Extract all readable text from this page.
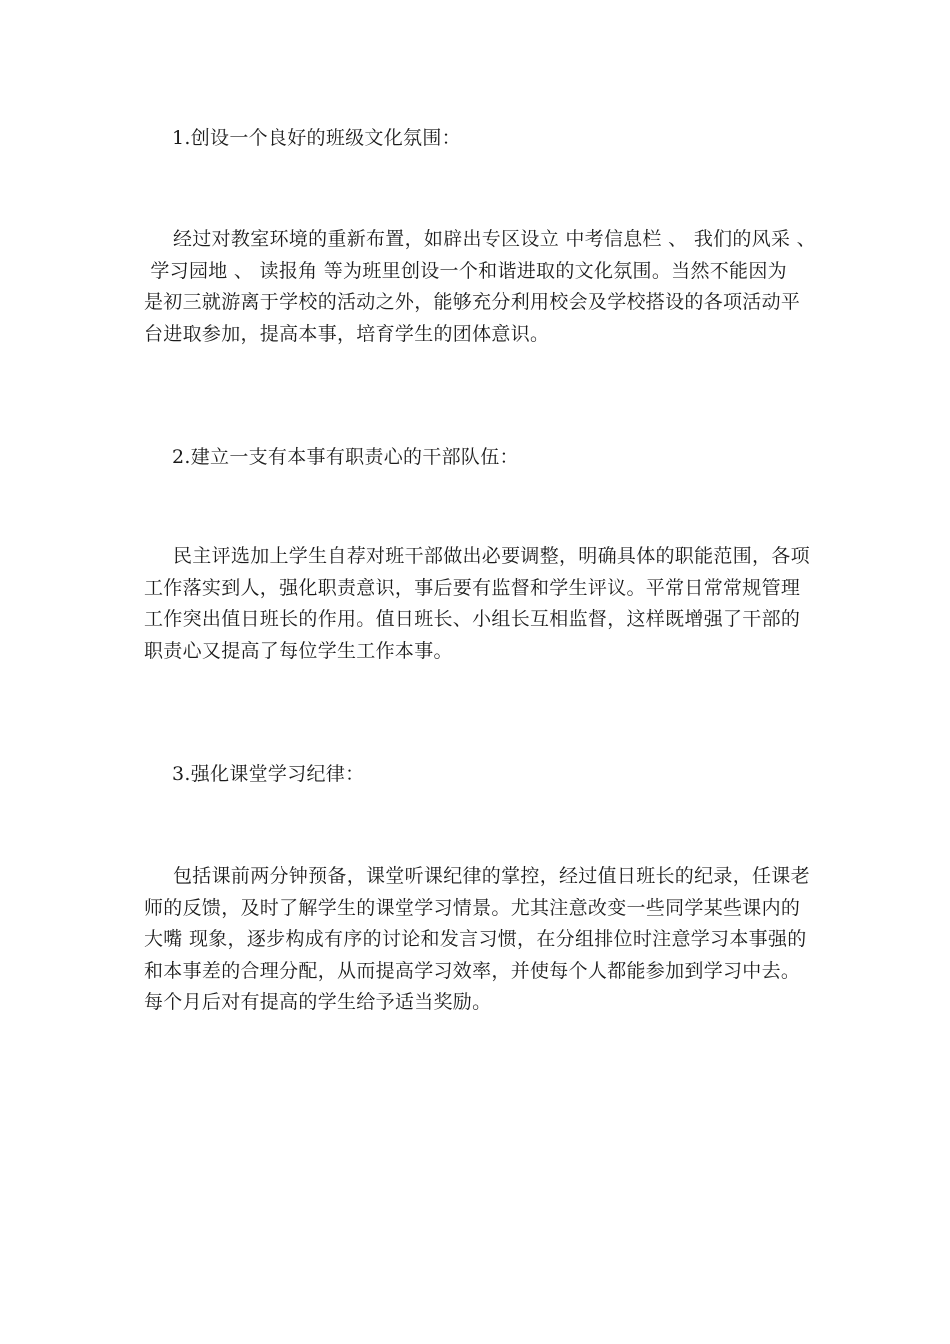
1.创设一个良好的班级文化氛围：
经过对教室环境的重新布置，如辟出专区设立 中考信息栏 、 我们的风采 、
学习园地 、 读报角 等为班里创设一个和谐进取的文化氛围。当然不能因为
是初三就游离于学校的活动之外，能够充分利用校会及学校搭设的各项活动平
台进取参加，提高本事，培育学生的团体意识。
2.建立一支有本事有职责心的干部队伍：
民主评选加上学生自荐对班干部做出必要调整，明确具体的职能范围，各项
工作落实到人，强化职责意识，事后要有监督和学生评议。平常日常常规管理
工作突出值日班长的作用。值日班长、小组长互相监督，这样既增强了干部的
职责心又提高了每位学生工作本事。
3.强化课堂学习纪律：
包括课前两分钟预备，课堂听课纪律的掌控，经过值日班长的纪录，任课老
师的反馈，及时了解学生的课堂学习情景。尤其注意改变一些同学某些课内的
大嘴 现象，逐步构成有序的讨论和发言习惯，在分组排位时注意学习本事强的
和本事差的合理分配，从而提高学习效率，并使每个人都能参加到学习中去。
每个月后对有提高的学生给予适当奖励。
